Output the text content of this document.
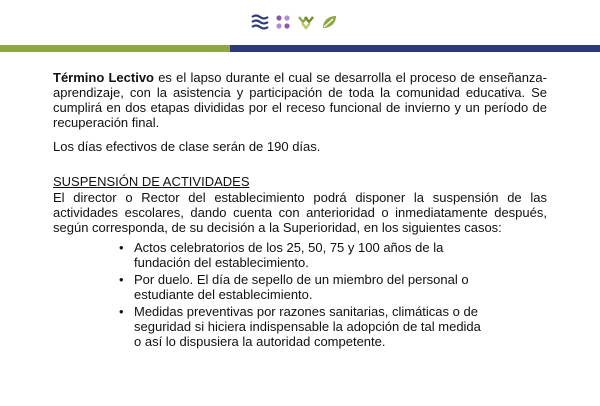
Término Lectivo es el lapso durante el cual se desarrolla el proceso de enseñanza-aprendizaje, con la asistencia y participación de toda la comunidad educativa. Se cumplirá en dos etapas divididas por el receso funcional de invierno y un período de recuperación final.

Los días efectivos de clase serán de 190 días.

SUSPENSIÓN DE ACTIVIDADES

El director o Rector del establecimiento podrá disponer la suspensión de las actividades escolares, dando cuenta con anterioridad o inmediatamente después, según corresponda, de su decisión a la Superioridad, en los siguientes casos:

• Actos celebratorios de los 25, 50, 75 y 100 años de la fundación del establecimiento.
• Por duelo. El día de sepello de un miembro del personal o estudiante del establecimiento.
• Medidas preventivas por razones sanitarias, climáticas o de seguridad si hiciera indispensable la adopción de tal medida o así lo dispusiera la autoridad competente.
